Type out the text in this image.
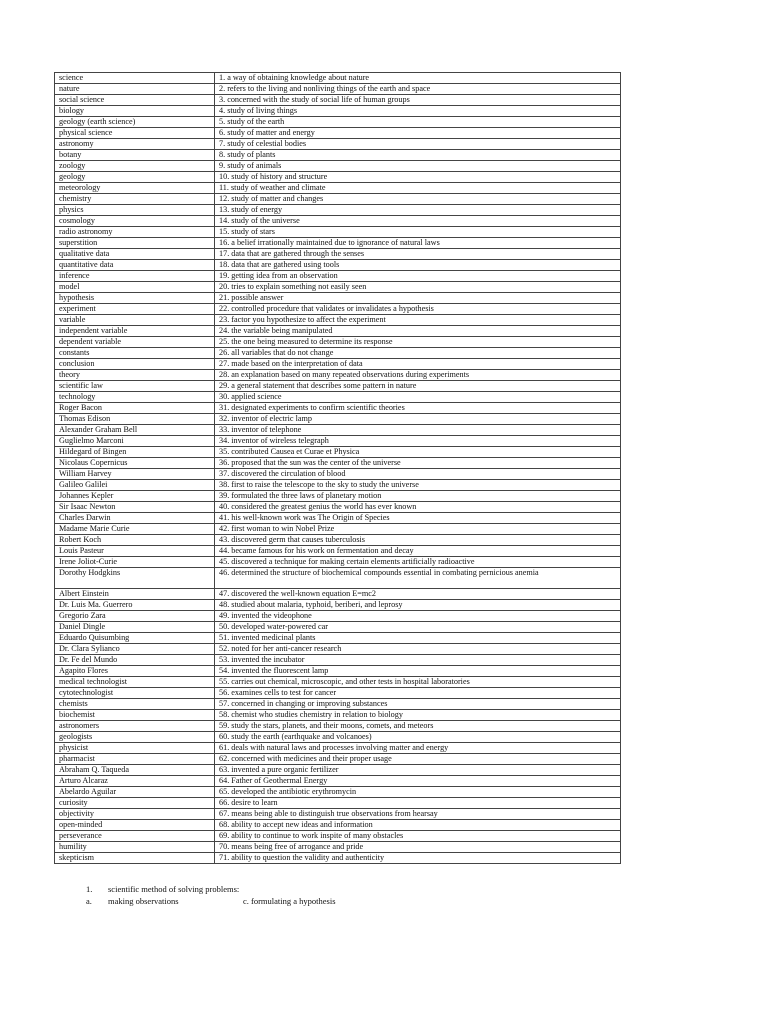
science	1. a way of obtaining knowledge about nature
nature	2. refers to the living and nonliving things of the earth and space
social science	3. concerned with the study of social life of human groups
biology	4. study of living things
geology (earth science)	5. study of the earth
physical science	6. study of matter and energy
astronomy	7. study of celestial bodies
botany	8. study of plants
zoology	9. study of animals
geology	10. study of history and structure
meteorology	11. study of weather and climate
chemistry	12. study of matter and changes
physics	13. study of energy
cosmology	14. study of the universe
radio astronomy	15. study of stars
superstition	16. a belief irrationally maintained due to ignorance of natural laws
qualitative data	17. data that are gathered through the senses
quantitative data	18. data that are gathered using tools
inference	19. getting idea from an observation
model	20. tries to explain something not easily seen
hypothesis	21. possible answer
experiment	22. controlled procedure that validates or invalidates a hypothesis
variable	23. factor you hypothesize to affect the experiment
independent variable	24. the variable being manipulated
dependent variable	25. the one being measured to determine its response
constants	26. all variables that do not change
conclusion	27. made based on the interpretation of data
theory	28. an explanation based on many repeated observations during experiments
scientific law	29. a general statement that describes some pattern in nature
technology	30. applied science
Roger Bacon	31. designated experiments to confirm scientific theories
Thomas Edison	32. inventor of electric lamp
Alexander Graham Bell	33. inventor of telephone
Guglielmo Marconi	34. inventor of wireless telegraph
Hildegard of Bingen	35. contributed Causea et Curae et Physica
Nicolaus Copernicus	36. proposed that the sun was the center of the universe
William Harvey	37. discovered the circulation of blood
Galileo Galilei	38. first to raise the telescope to the sky to study the universe
Johannes Kepler	39. formulated the three laws of planetary motion
Sir Isaac Newton	40. considered the greatest genius the world has ever known
Charles Darwin	41. his well-known work was The Origin of Species
Madame Marie Curie	42. first woman to win Nobel Prize
Robert Koch	43. discovered germ that causes tuberculosis
Louis Pasteur	44. became famous for his work on fermentation and decay
Irene Joliot-Curie	45. discovered a technique for making certain elements artificially radioactive
Dorothy Hodgkins	46. determined the structure of biochemical compounds essential in combating pernicious anemia
Albert Einstein	47. discovered the well-known equation E=mc2
Dr. Luis Ma. Guerrero	48. studied about malaria, typhoid, beriberi, and leprosy
Gregorio Zara	49. invented the videophone
Daniel Dingle	50. developed water-powered car
Eduardo Quisumbing	51. invented medicinal plants
Dr. Clara Sylianco	52. noted for her anti-cancer research
Dr. Fe del Mundo	53. invented the incubator
Agapito Flores	54. invented the fluorescent lamp
medical technologist	55. carries out chemical, microscopic, and other tests in hospital laboratories
cytotechnologist	56. examines cells to test for cancer
chemists	57. concerned in changing or improving substances
biochemist	58. chemist who studies chemistry in relation to biology
astronomers	59. study the stars, planets, and their moons, comets, and meteors
geologists	60. study the earth (earthquake and volcanoes)
physicist	61. deals with natural laws and processes involving matter and energy
pharmacist	62. concerned with medicines and their proper usage
Abraham Q. Taqueda	63. invented a pure organic fertilizer
Arturo Alcaraz	64. Father of Geothermal Energy
Abelardo Aguilar	65. developed the antibiotic erythromycin
curiosity	66. desire to learn
objectivity	67. means being able to distinguish true observations from hearsay
open-minded	68. ability to accept new ideas and information
perseverance	69. ability to continue to work inspite of many obstacles
humility	70. means being free of arrogance and pride
skepticism	71. ability to question the validity and authenticity
1. scientific method of solving problems:
a. making observations	c. formulating a hypothesis
